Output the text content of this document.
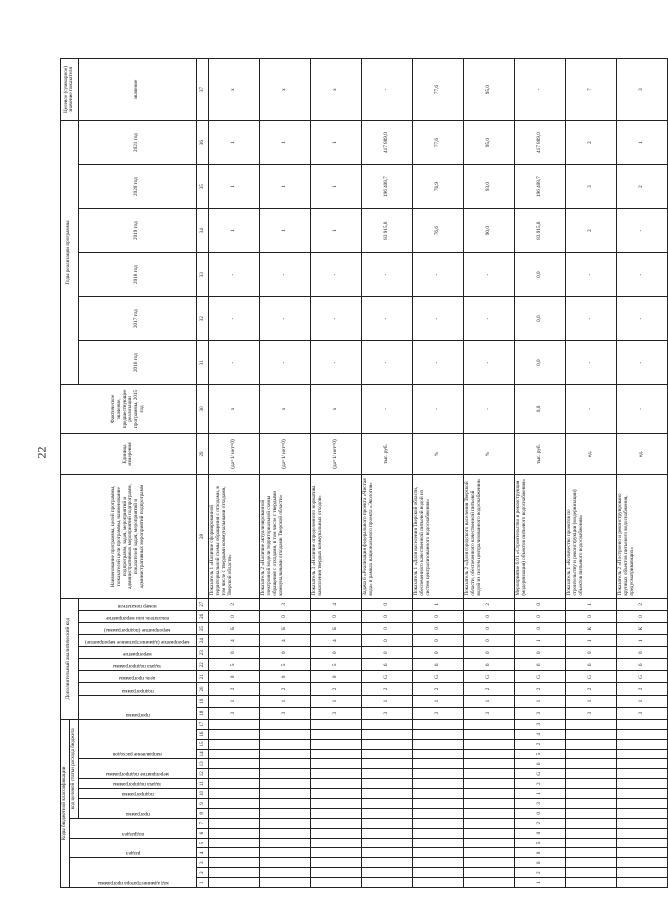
22
Коды бюджетной классификации																	Дополнительный аналитический код										Наименование программы, целей программы, показателей цели программы, наименование подпрограмм, задач, мероприятий и административных мероприятий подпрограмм, показателей задач, мероприятий и административных мероприятий подпрограмм	Единица измерения	Фактическое значение, предшествующее реализации программы, 2015 год	Годы реализации программы						Целевое (суммарное) значение показателя

код администратора программы			раздел		подраздел		код целевой статьи расхода бюджета																													

							программа		подпрограмма	задача подпрограммы	мероприятие подпрограммы		направление расходов				программа		подпрограмма	цель программы	задача подпрограммы	мероприятие	мероприятие (административное мероприятие)	мероприятие (подпрограммы)	показатель или мероприятие	номер показателя				2016 год	2017 год	2018 год	2019 год	2020 год	2021 год	значение
1	2	3	4	5	6	7	8	9	10	11	12	13	14	15	16	17	18	19	20	21	22	23	24	25	26	27	28	29	30	31	32	33	34	35	36	37
																	3	1	2	0	5	0	4	Б	0	2	Показатель 1 «Наличие сформированной территориальной схемы обращения с отходами, в том числе с твердыми коммунальными отходами, Тверской области»	(да=1/ нет=0)	х	-	-	-	1	1	1	х
																	3	1	2	0	5	0	4	Б	0	3	Показатель 2 «Наличие актуализированной электронной модели территориальной схемы обращения с отходами, в том числе с твердыми коммунальными отходами Тверской области»	(да=1/ нет=0)	х	-	-	-	1	1	1	х
																	3	1	2	0	5	0	4	Б	0	4	Показатель 3 «Наличие определенного норматива накопления твердых коммунальных отходов»	(да=1/ нет=0)	х	-	-	-	1	1	1	х
																	3	1	2	G	6	0	0	0	0	0	Задача 6 «Реализация федерального проекта «Чистая вода» в рамках национального проекта «Экология»	тыс. руб.	-	-	-	-	83 915,8	196 408,7	417 889,0	-
																	3	1	2	G	6	0	0	0	0	1	Показатель 1 «Доля населения Тверской области, обеспеченного качественной питьевой водой из систем централизованного водоснабжения»	%	-	-	-	-	76,6	76,9	77,6	77,6
																	3	1	2	G	6	0	0	0	0	2	Показатель 2 «Доля городского населения Тверской области, обеспеченного качественной питьевой водой из систем централизованного водоснабжения»	%	-	-	-	-	90,0	93,0	95,0	95,0
1	2	0	0	5	0	2	0	3	1	2	G	6	5	2	4	3	3	1	2	G	6	0	1	0	0	0	Мероприятие 6.01 «Строительство и реконструкция (модернизация) объектов питьевого водоснабжения»	тыс. руб.	0,0	0,0	0,0	0,0	83 915,8	196 408,7	417 889,0	-
																	3	1	2	G	6	0	1	К	0	1	Показатель 1 «Количество проектов по строительству и реконструкции (модернизации) объектов питьевого водоснабжения»	ед.	-	-	-	-	2	3	2	7
																	3	1	2	G	6	0	1	К	0	2	Показатель 2 «Построено и реконструировано крупных объектов питьевого водоснабжения, предусматривающих»	ед.	-	-	-	-	-	2	1	3
